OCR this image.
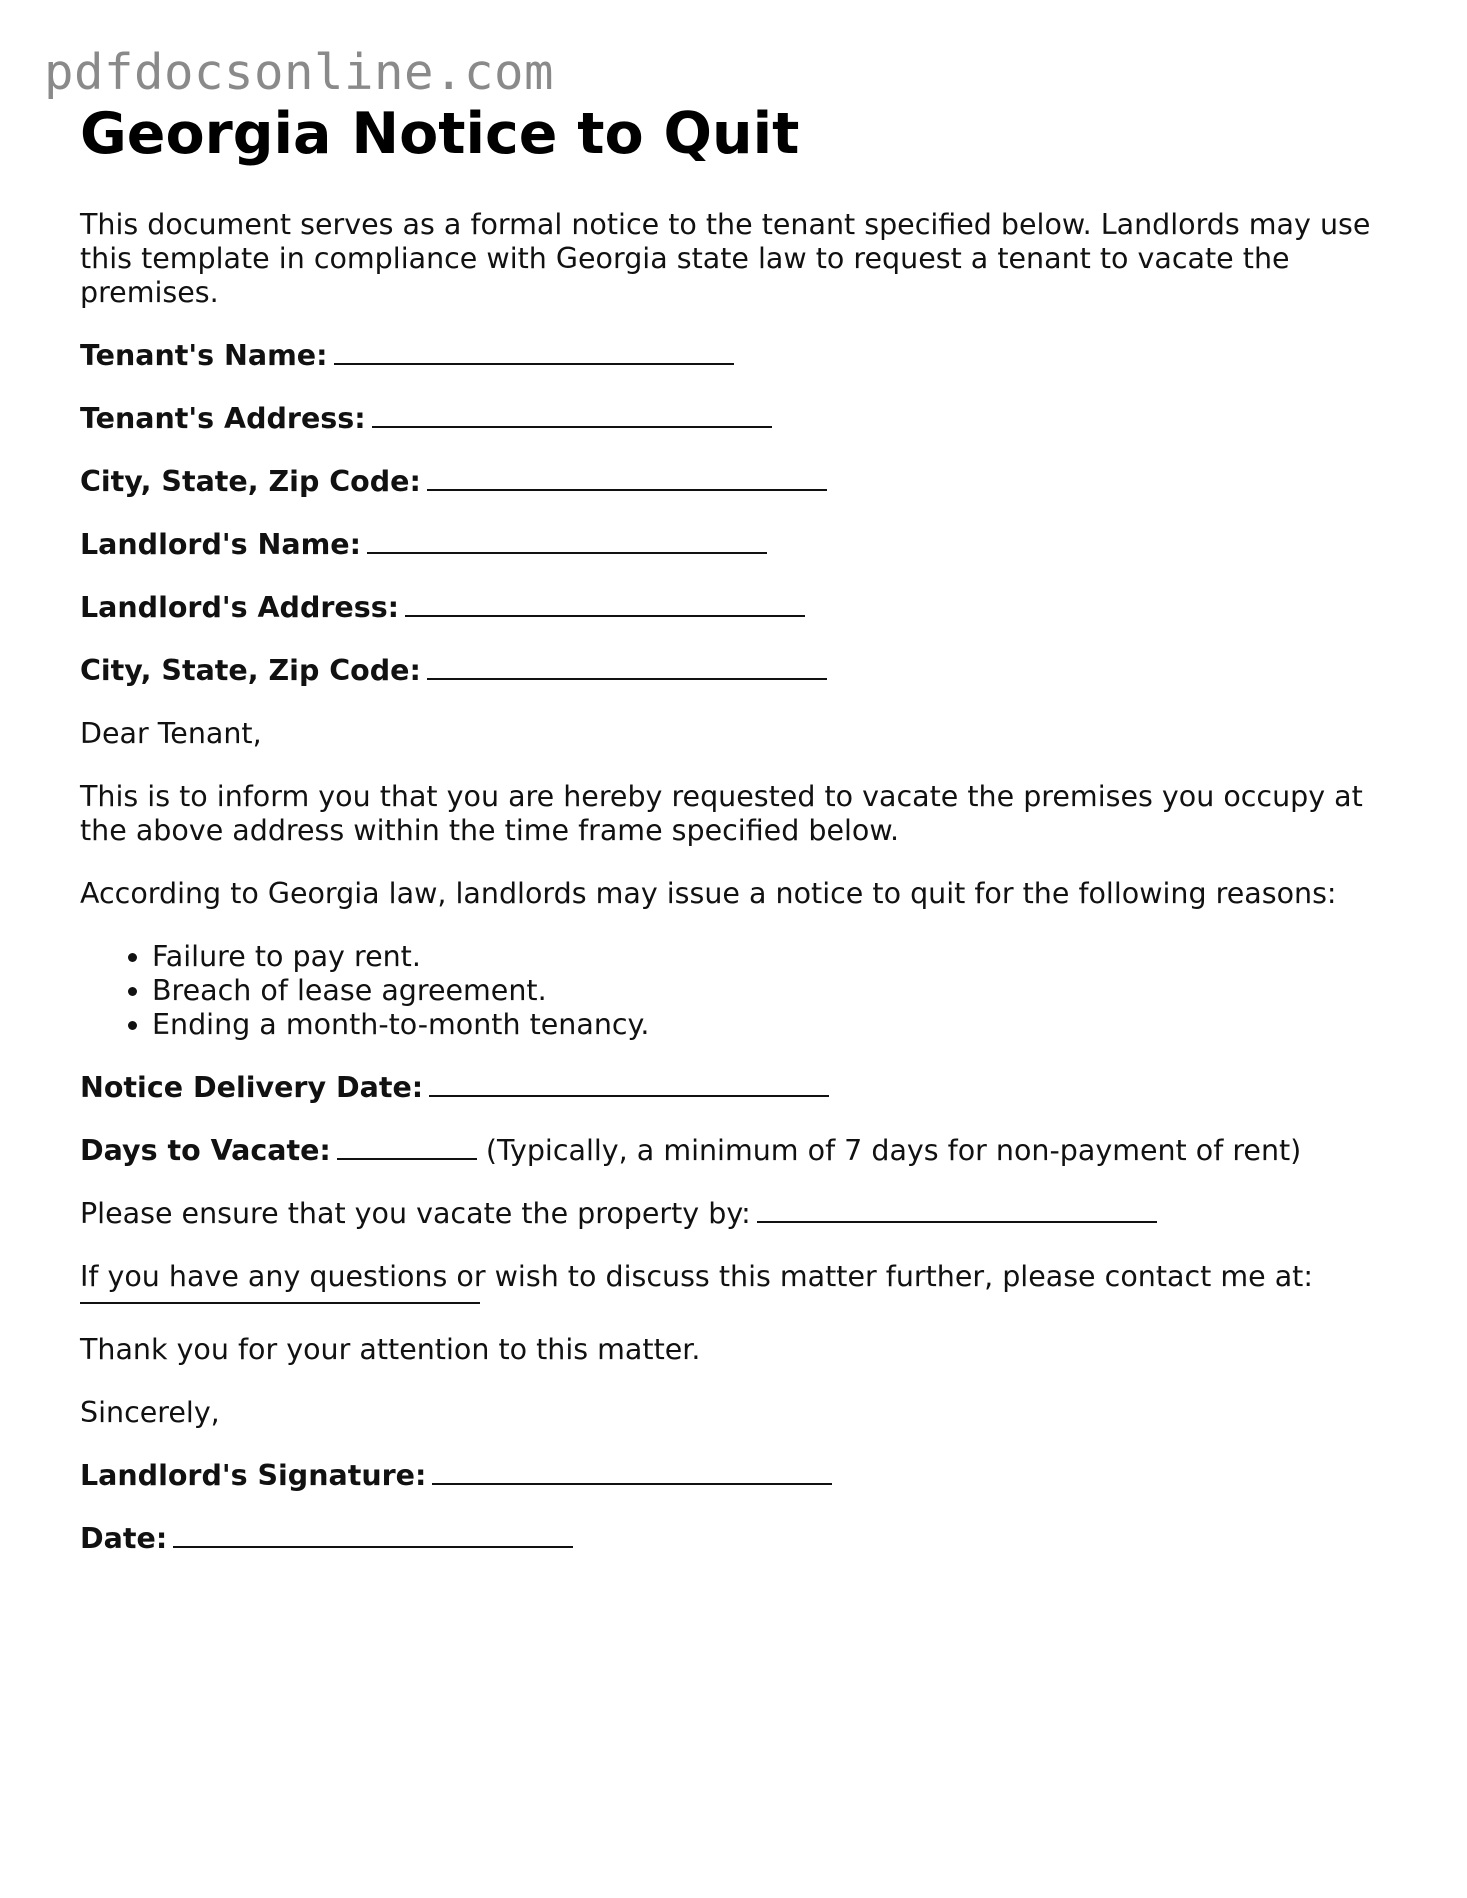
pdfdocsonline.com
Georgia Notice to Quit

This document serves as a formal notice to the tenant specified below. Landlords may use this template in compliance with Georgia state law to request a tenant to vacate the premises.

Tenant's Name:
Tenant's Address:
City, State, Zip Code:
Landlord's Name:
Landlord's Address:
City, State, Zip Code:

Dear Tenant,

This is to inform you that you are hereby requested to vacate the premises you occupy at the above address within the time frame specified below.

According to Georgia law, landlords may issue a notice to quit for the following reasons:

• Failure to pay rent.
• Breach of lease agreement.
• Ending a month-to-month tenancy.
Notice Delivery Date:
Days to Vacate:	(Typically, a minimum of 7 days for non-payment of rent)
Please ensure that you vacate the property by:
If you have any questions or wish to discuss this matter further, please contact me at:

Thank you for your attention to this matter.

Sincerely,

Landlord's Signature:
Date:
